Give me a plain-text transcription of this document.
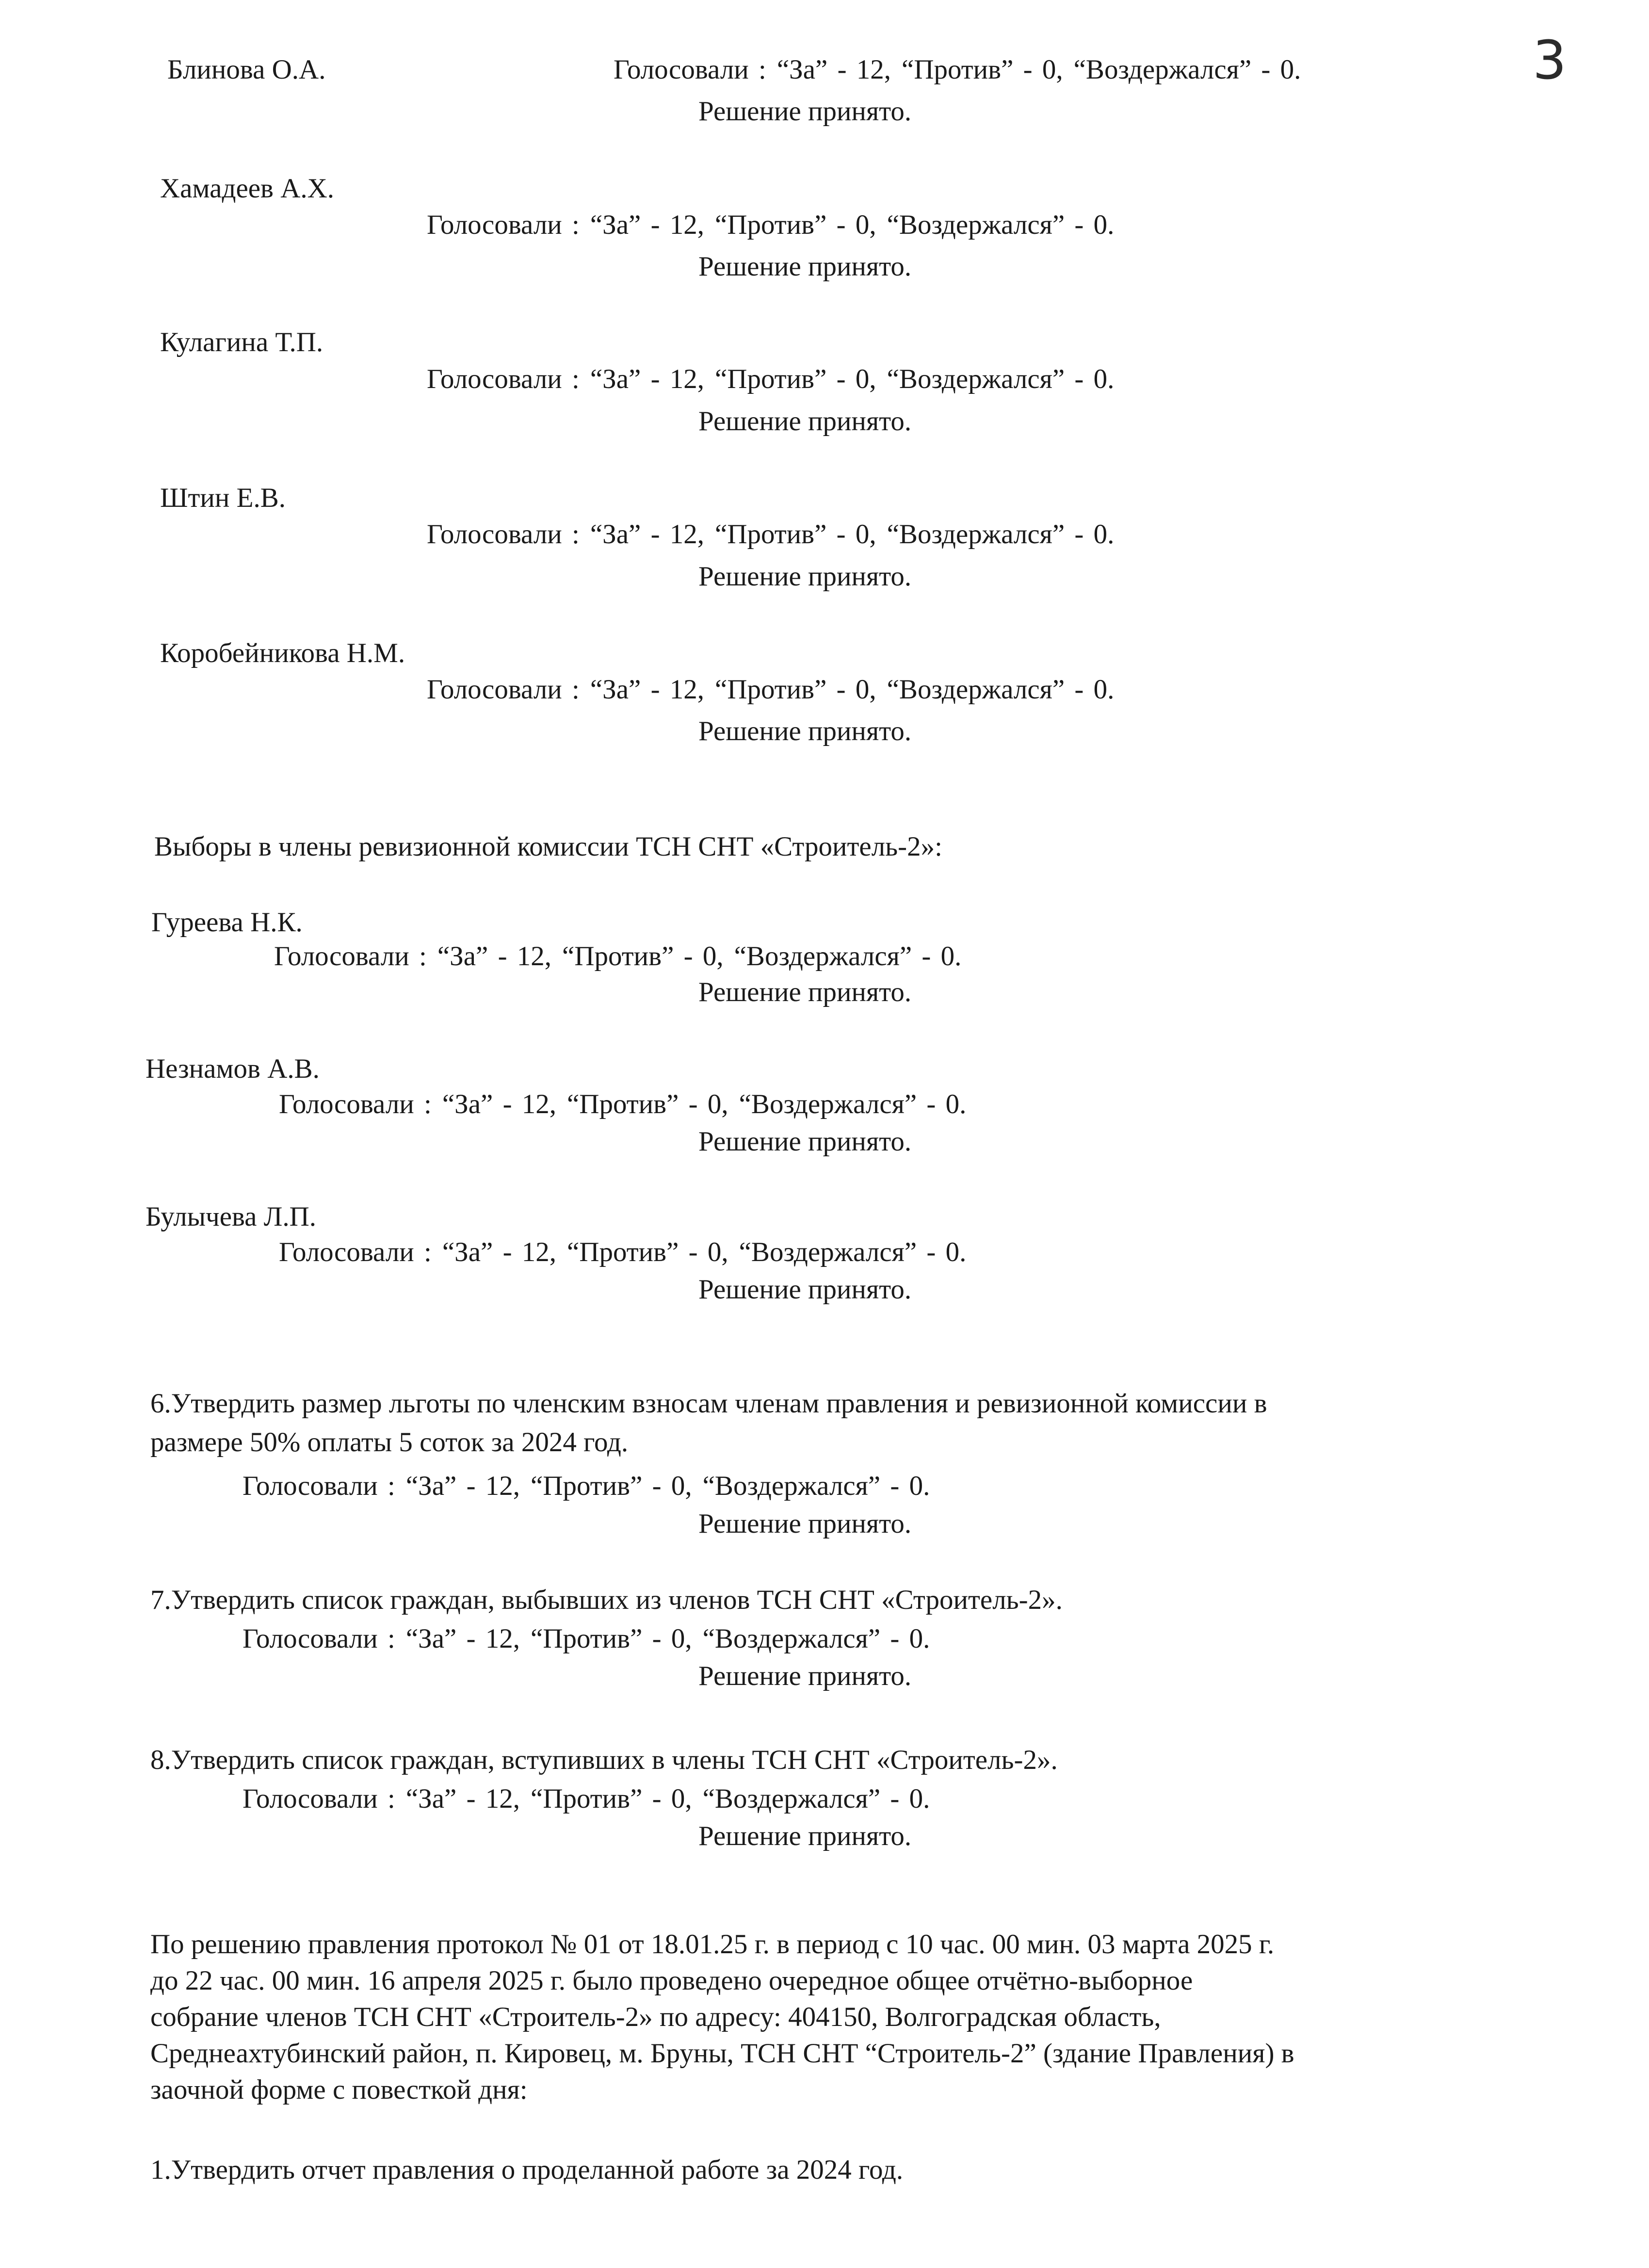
3
Блинова О.А.	Голосовали : “За” - 12, “Против” - 0, “Воздержался” - 0.
Решение принято.
Хамадеев А.Х.
Голосовали : “За” - 12, “Против” - 0, “Воздержался” - 0.
Решение принято.
Кулагина Т.П.
Голосовали : “За” - 12, “Против” - 0, “Воздержался” - 0.
Решение принято.
Штин Е.В.
Голосовали : “За” - 12, “Против” - 0, “Воздержался” - 0.
Решение принято.
Коробейникова Н.М.
Голосовали : “За” - 12, “Против” - 0, “Воздержался” - 0.
Решение принято.
Выборы в члены ревизионной комиссии ТСН СНТ «Строитель-2»:
Гуреева Н.К.
Голосовали : “За” - 12, “Против” - 0, “Воздержался” - 0.
Решение принято.
Незнамов А.В.
Голосовали : “За” - 12, “Против” - 0, “Воздержался” - 0.
Решение принято.
Булычева Л.П.
Голосовали : “За” - 12, “Против” - 0, “Воздержался” - 0.
Решение принято.
6.Утвердить размер льготы по членским взносам членам правления и ревизионной комиссии в
размере 50% оплаты 5 соток за 2024 год.
Голосовали : “За” - 12, “Против” - 0, “Воздержался” - 0.
Решение принято.
7.Утвердить список граждан, выбывших из членов ТСН СНТ «Строитель-2».
Голосовали : “За” - 12, “Против” - 0, “Воздержался” - 0.
Решение принято.
8.Утвердить список граждан, вступивших в члены ТСН СНТ «Строитель-2».
Голосовали : “За” - 12, “Против” - 0, “Воздержался” - 0.
Решение принято.
По решению правления протокол № 01 от 18.01.25 г. в период с 10 час. 00 мин. 03 марта 2025 г.
до 22 час. 00 мин. 16 апреля 2025 г. было проведено очередное общее отчётно-выборное
собрание членов ТСН СНТ «Строитель-2» по адресу: 404150, Волгоградская область,
Среднеахтубинский район, п. Кировец, м. Бруны, ТСН СНТ “Строитель-2” (здание Правления) в
заочной форме с повесткой дня:
1.Утвердить отчет правления о проделанной работе за 2024 год.
